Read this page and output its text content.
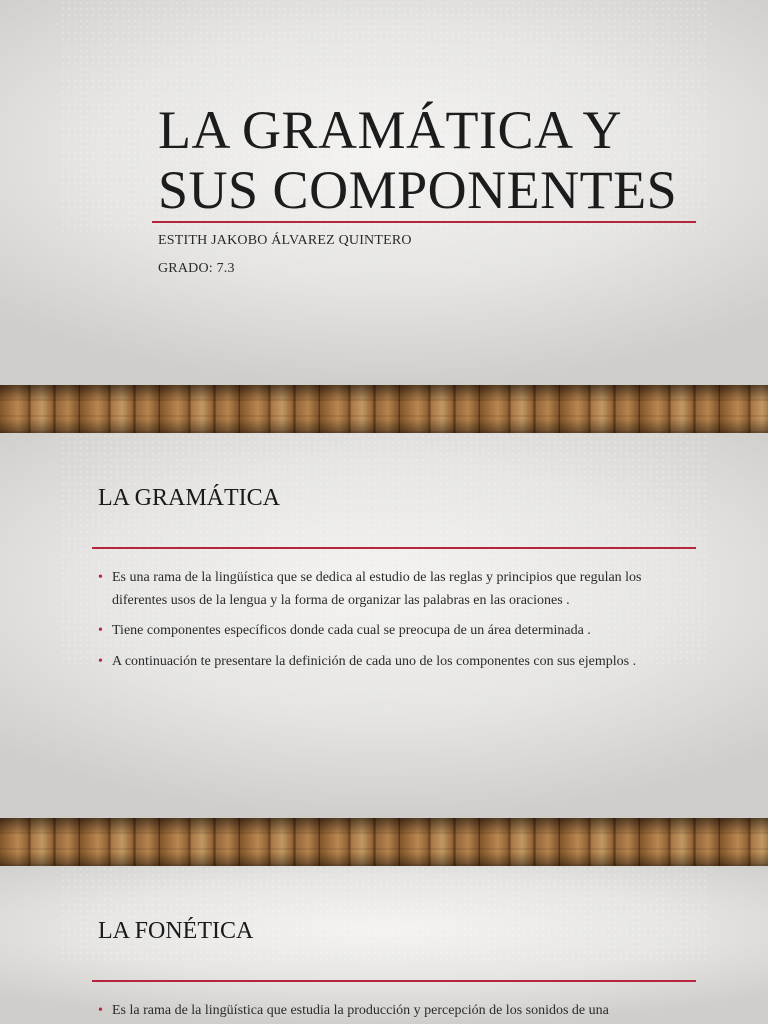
LA GRAMÁTICA Y SUS COMPONENTES
ESTITH JAKOBO ÁLVAREZ QUINTERO
GRADO: 7.3
LA GRAMÁTICA
• Es una rama de la lingüística que se dedica al estudio de las reglas y principios que regulan los diferentes usos de la lengua y la forma de organizar las palabras en las oraciones .
• Tiene componentes específicos donde cada cual se preocupa de un área determinada .
• A continuación te presentare la definición de cada uno de los componentes con sus ejemplos .
LA FONÉTICA
• Es la rama de la lingüística que estudia la producción y percepción de los sonidos de una
